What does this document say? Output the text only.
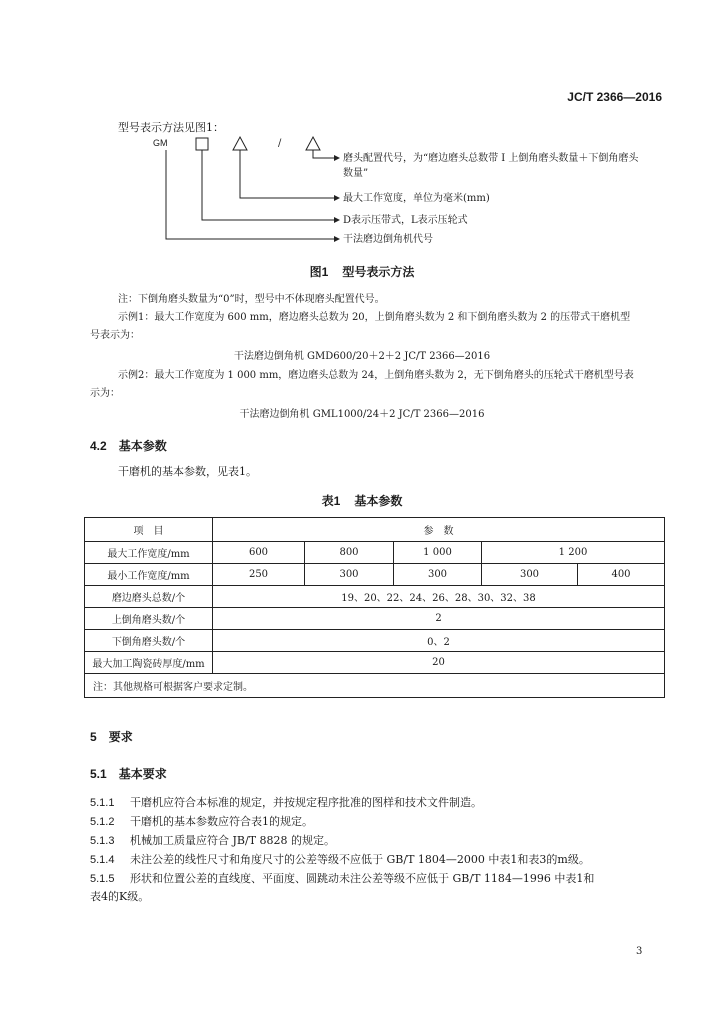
JC/T 2366—2016
型号表示方法见图1：
GM	/
磨头配置代号，为“磨边磨头总数带 I 上倒角磨头数量＋下倒角磨头
数量”
最大工作宽度，单位为毫米(mm)
D表示压带式，L表示压轮式
干法磨边倒角机代号
图1 型号表示方法
注：下倒角磨头数量为“0”时，型号中不体现磨头配置代号。
示例1：最大工作宽度为 600 mm，磨边磨头总数为 20，上倒角磨头数为 2 和下倒角磨头数为 2 的压带式干磨机型
号表示为：
干法磨边倒角机 GMD600/20＋2＋2 JC/T 2366—2016
示例2：最大工作宽度为 1 000 mm，磨边磨头总数为 24，上倒角磨头数为 2，无下倒角磨头的压轮式干磨机型号表
示为：
干法磨边倒角机 GML1000/24＋2 JC/T 2366—2016
4.2 基本参数
干磨机的基本参数，见表1。
表1 基本参数
项　目	参　数				
最大工作宽度/mm	600	800	1 000	1 200	
最小工作宽度/mm	250	300	300	300	400
磨边磨头总数/个	19、20、22、24、26、28、30、32、38				
上倒角磨头数/个	2				
下倒角磨头数/个	0、2				
最大加工陶瓷砖厚度/mm	20				
注：其他规格可根据客户要求定制。					
5 要求
5.1 基本要求
5.1.1 干磨机应符合本标准的规定，并按规定程序批准的图样和技术文件制造。
5.1.2 干磨机的基本参数应符合表1的规定。
5.1.3 机械加工质量应符合 JB/T 8828 的规定。
5.1.4 未注公差的线性尺寸和角度尺寸的公差等级不应低于 GB/T 1804—2000 中表1和表3的m级。
5.1.5 形状和位置公差的直线度、平面度、圆跳动未注公差等级不应低于 GB/T 1184—1996 中表1和
表4的K级。
3
